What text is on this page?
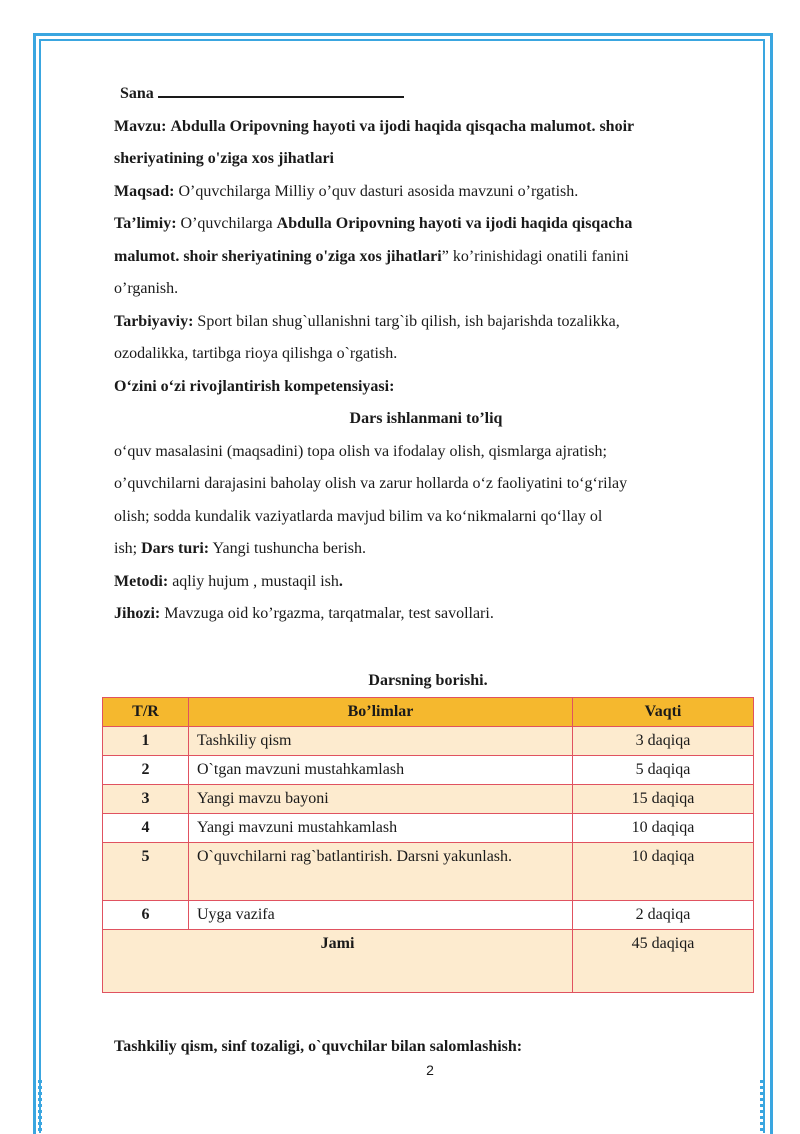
Sana
Mavzu: Abdulla Oripovning hayoti va ijodi haqida qisqacha malumot. shoir
sheriyatining o'ziga xos jihatlari
Maqsad: O’quvchilarga Milliy o’quv dasturi asosida mavzuni o’rgatish.
Ta’limiy: O’quvchilarga Abdulla Oripovning hayoti va ijodi haqida qisqacha
malumot. shoir sheriyatining o'ziga xos jihatlari” ko’rinishidagi onatili fanini
o’rganish.
Tarbiyaviy: Sport bilan shug`ullanishni targ`ib qilish, ish bajarishda tozalikka,
ozodalikka, tartibga rioya qilishga o`rgatish.
O‘zini o‘zi rivojlantirish kompetensiyasi:
Dars ishlanmani to’liq
o‘quv masalasini (maqsadini) topa olish va ifodalay olish, qismlarga ajratish;
o’quvchilarni darajasini baholay olish va zarur hollarda o‘z faoliyatini to‘g‘rilay
olish; sodda kundalik vaziyatlarda mavjud bilim va ko‘nikmalarni qo‘llay ol
ish; Dars turi: Yangi tushuncha berish.
Metodi: aqliy hujum , mustaqil ish.
Jihozi: Mavzuga oid ko’rgazma, tarqatmalar, test savollari.
Darsning borishi.
T/R	Bo’limlar	Vaqti
1	Tashkiliy qism	3 daqiqa
2	O`tgan mavzuni mustahkamlash	5 daqiqa
3	Yangi mavzu bayoni	15 daqiqa
4	Yangi mavzuni mustahkamlash	10 daqiqa
5	O`quvchilarni rag`batlantirish. Darsni yakunlash.	10 daqiqa
6	Uyga vazifa	2 daqiqa
Jami		45 daqiqa
Tashkiliy qism, sinf tozaligi, o`quvchilar bilan salomlashish:
2
